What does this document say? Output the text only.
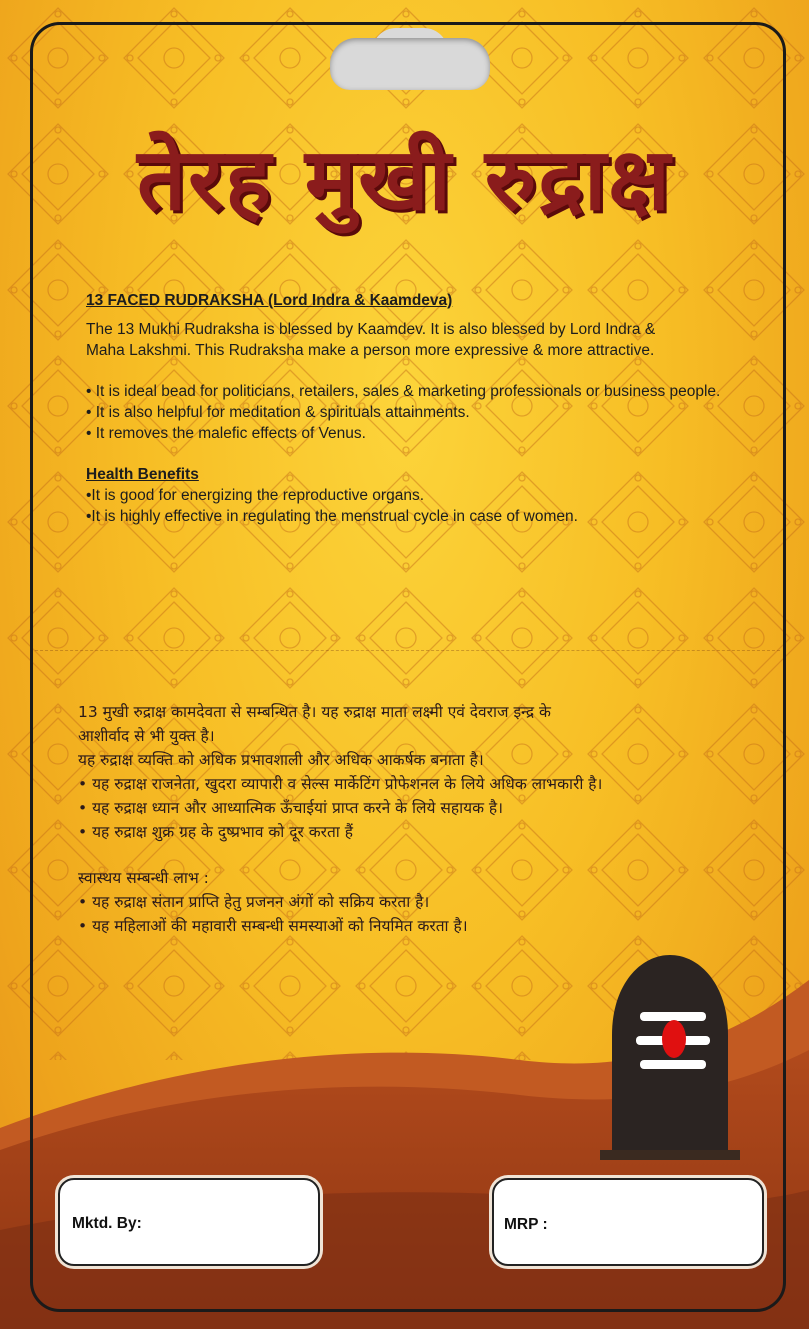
तेरह मुखी रुद्राक्ष

13 FACED RUDRAKSHA (Lord Indra & Kaamdeva)

The 13 Mukhi Rudraksha is blessed by Kaamdev. It is also blessed by Lord Indra &

Maha Lakshmi. This Rudraksha make a person more expressive & more attractive.

• It is ideal bead for politicians, retailers, sales & marketing professionals or business people.
• It is also helpful for meditation & spirituals attainments.
• It removes the malefic effects of Venus.

Health Benefits

•It is good for energizing the reproductive organs.
•It is highly effective in regulating the menstrual cycle in case of women.

13 मुखी रुद्राक्ष कामदेवता से सम्बन्धित है। यह रुद्राक्ष माता लक्ष्मी एवं देवराज इन्द्र के

आशीर्वाद से भी युक्त है।

यह रुद्राक्ष व्यक्ति को अधिक प्रभावशाली और अधिक आकर्षक बनाता है।

• यह रुद्राक्ष राजनेता, खुदरा व्यापारी व सेल्स मार्केटिंग प्रोफेशनल के लिये अधिक लाभकारी है।

• यह रुद्राक्ष ध्यान और आध्यात्मिक ऊँचाईयां प्राप्त करने के लिये सहायक है।

• यह रुद्राक्ष शुक्र ग्रह के दुष्प्रभाव को दूर करता हैं

स्वास्थय सम्बन्धी लाभ :

• यह रुद्राक्ष संतान प्राप्ति हेतु प्रजनन अंगों को सक्रिय करता है।

• यह महिलाओं की महावारी सम्बन्धी समस्याओं को नियमित करता है।

Mktd. By:	MRP :
